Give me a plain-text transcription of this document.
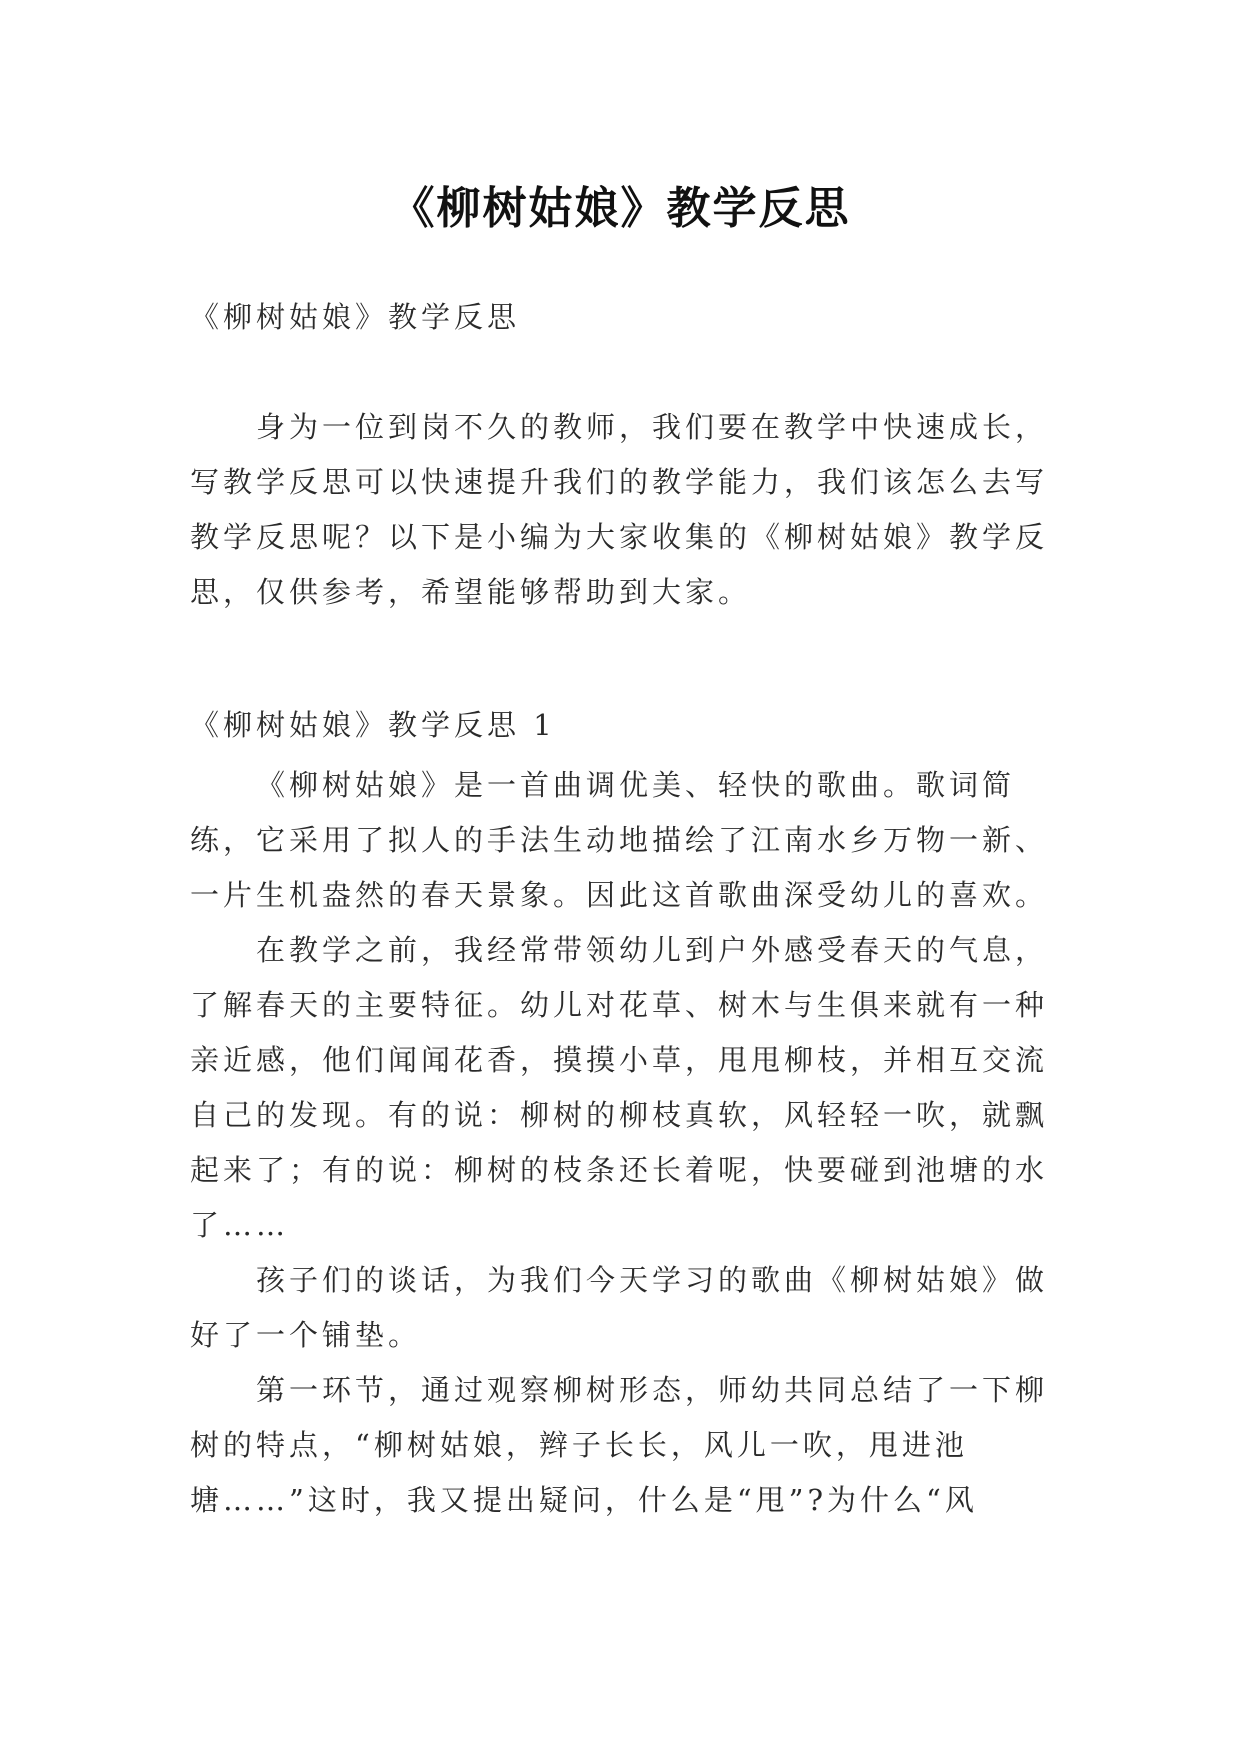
《柳树姑娘》教学反思

《柳树姑娘》教学反思

身为一位到岗不久的教师，我们要在教学中快速成长，写教学反思可以快速提升我们的教学能力，我们该怎么去写教学反思呢？以下是小编为大家收集的《柳树姑娘》教学反思，仅供参考，希望能够帮助到大家。

《柳树姑娘》教学反思 1

《柳树姑娘》是一首曲调优美、轻快的歌曲。歌词简练，它采用了拟人的手法生动地描绘了江南水乡万物一新、一片生机盎然的春天景象。因此这首歌曲深受幼儿的喜欢。

在教学之前，我经常带领幼儿到户外感受春天的气息，了解春天的主要特征。幼儿对花草、树木与生俱来就有一种亲近感，他们闻闻花香，摸摸小草，甩甩柳枝，并相互交流自己的发现。有的说：柳树的柳枝真软，风轻轻一吹，就飘起来了；有的说：柳树的枝条还长着呢，快要碰到池塘的水了……

孩子们的谈话，为我们今天学习的歌曲《柳树姑娘》做好了一个铺垫。

第一环节，通过观察柳树形态，师幼共同总结了一下柳树的特点，“柳树姑娘，辫子长长，风儿一吹，甩进池塘……”这时，我又提出疑问，什么是“甩”?为什么“风
